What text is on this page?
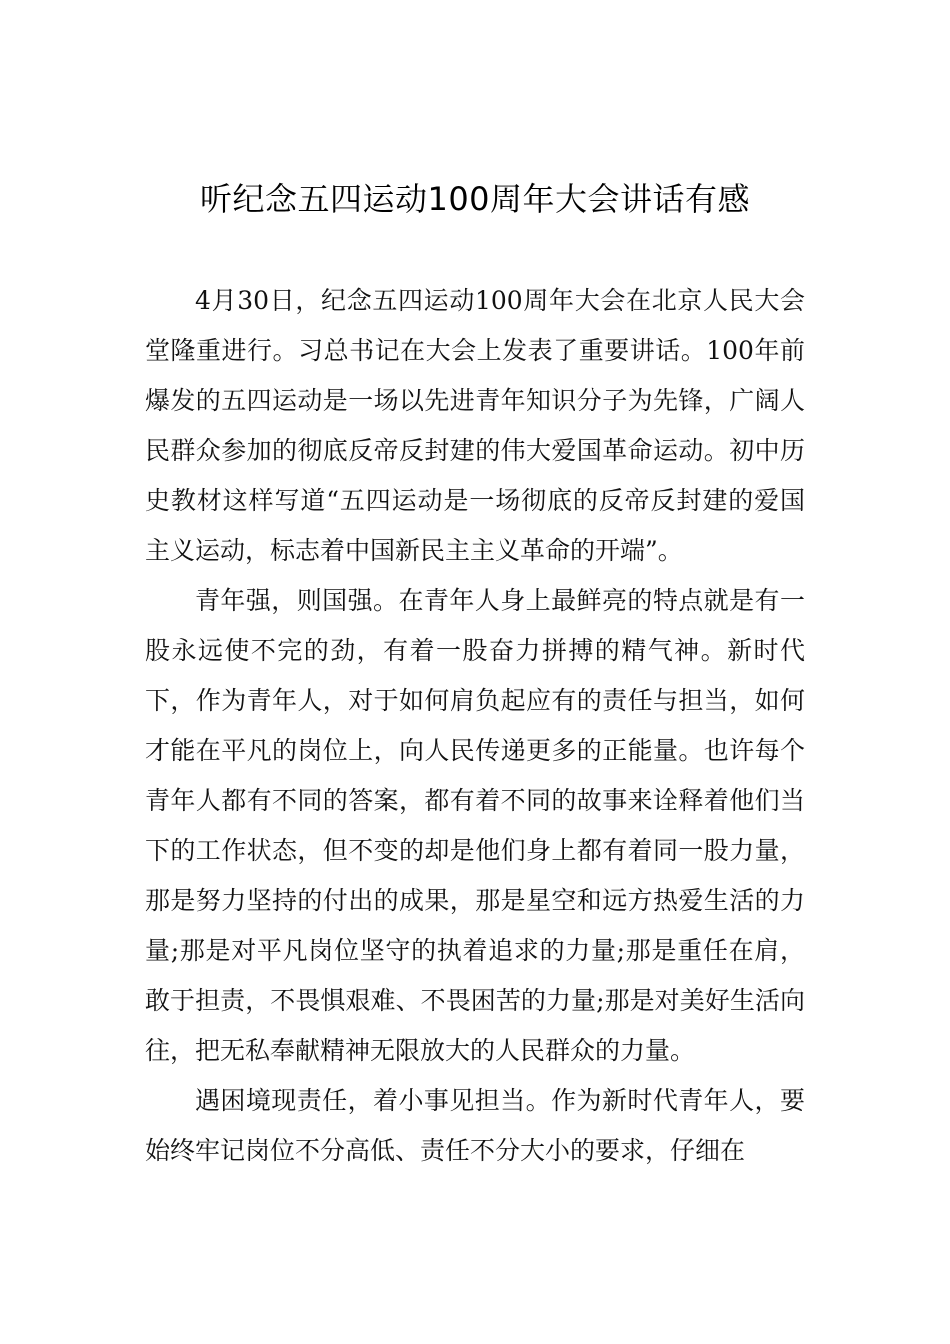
听纪念五四运动100周年大会讲话有感

4月30日，纪念五四运动100周年大会在北京人民大会堂隆重进行。习总书记在大会上发表了重要讲话。100年前爆发的五四运动是一场以先进青年知识分子为先锋，广阔人民群众参加的彻底反帝反封建的伟大爱国革命运动。初中历史教材这样写道“五四运动是一场彻底的反帝反封建的爱国主义运动，标志着中国新民主主义革命的开端”。

青年强，则国强。在青年人身上最鲜亮的特点就是有一股永远使不完的劲，有着一股奋力拼搏的精气神。新时代下，作为青年人，对于如何肩负起应有的责任与担当，如何才能在平凡的岗位上，向人民传递更多的正能量。也许每个青年人都有不同的答案，都有着不同的故事来诠释着他们当下的工作状态，但不变的却是他们身上都有着同一股力量，那是努力坚持的付出的成果，那是星空和远方热爱生活的力量;那是对平凡岗位坚守的执着追求的力量;那是重任在肩，敢于担责，不畏惧艰难、不畏困苦的力量;那是对美好生活向往，把无私奉献精神无限放大的人民群众的力量。

遇困境现责任，着小事见担当。作为新时代青年人，要始终牢记岗位不分高低、责任不分大小的要求，仔细在
